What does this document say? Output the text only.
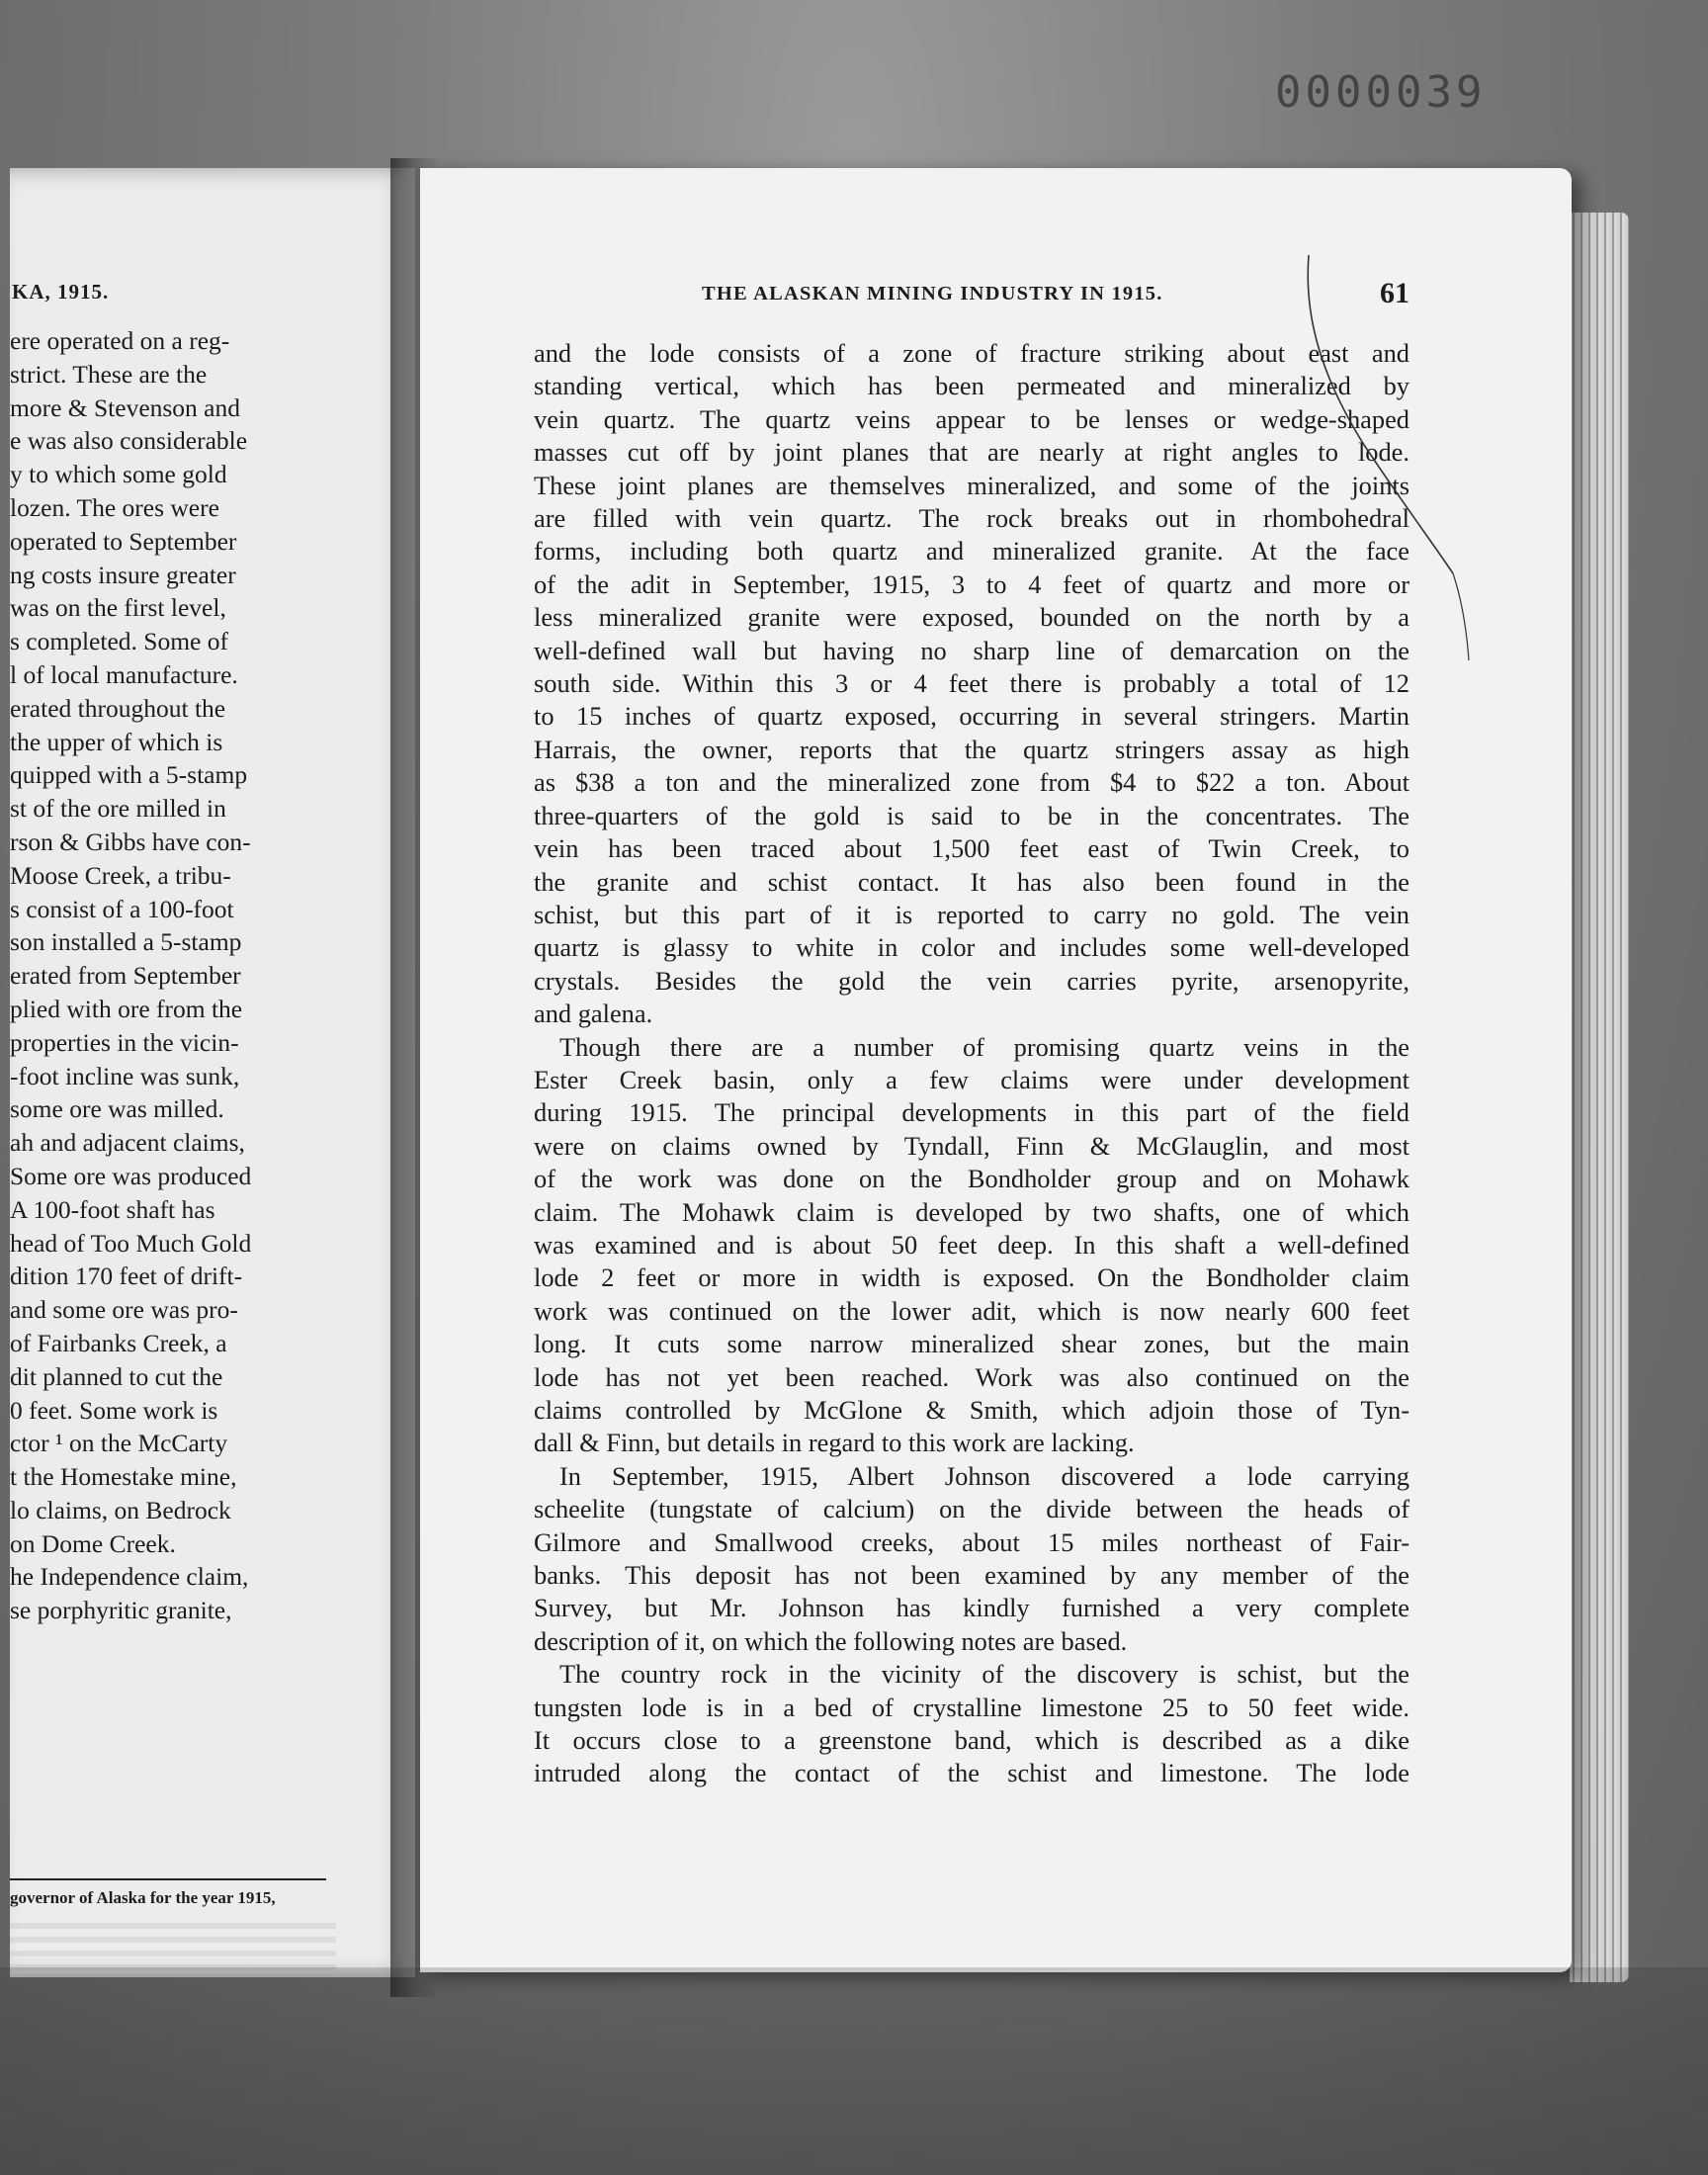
0000039
KA, 1915.
ere operated on a reg-
strict. These are the
more & Stevenson and
e was also considerable
y to which some gold
lozen. The ores were
operated to September
ng costs insure greater
was on the first level,
s completed. Some of
l of local manufacture.
erated throughout the
the upper of which is
quipped with a 5-stamp
st of the ore milled in
rson & Gibbs have con-
Moose Creek, a tribu-
s consist of a 100-foot
son installed a 5-stamp
erated from September
plied with ore from the
properties in the vicin-
-foot incline was sunk,
some ore was milled.
ah and adjacent claims,
Some ore was produced
A 100-foot shaft has
head of Too Much Gold
dition 170 feet of drift-
and some ore was pro-
of Fairbanks Creek, a
dit planned to cut the
0 feet. Some work is
ctor ¹ on the McCarty
t the Homestake mine,
lo claims, on Bedrock
on Dome Creek.
he Independence claim,
se porphyritic granite,
governor of Alaska for the year 1915,
THE ALASKAN MINING INDUSTRY IN 1915.	61
and the lode consists of a zone of fracture striking about east and
standing vertical, which has been permeated and mineralized by
vein quartz. The quartz veins appear to be lenses or wedge-shaped
masses cut off by joint planes that are nearly at right angles to lode.
These joint planes are themselves mineralized, and some of the joints
are filled with vein quartz. The rock breaks out in rhombohedral
forms, including both quartz and mineralized granite. At the face
of the adit in September, 1915, 3 to 4 feet of quartz and more or
less mineralized granite were exposed, bounded on the north by a
well-defined wall but having no sharp line of demarcation on the
south side. Within this 3 or 4 feet there is probably a total of 12
to 15 inches of quartz exposed, occurring in several stringers. Martin
Harrais, the owner, reports that the quartz stringers assay as high
as $38 a ton and the mineralized zone from $4 to $22 a ton. About
three-quarters of the gold is said to be in the concentrates. The
vein has been traced about 1,500 feet east of Twin Creek, to
the granite and schist contact. It has also been found in the
schist, but this part of it is reported to carry no gold. The vein
quartz is glassy to white in color and includes some well-developed
crystals. Besides the gold the vein carries pyrite, arsenopyrite,
and galena.
Though there are a number of promising quartz veins in the
Ester Creek basin, only a few claims were under development
during 1915. The principal developments in this part of the field
were on claims owned by Tyndall, Finn & McGlauglin, and most
of the work was done on the Bondholder group and on Mohawk
claim. The Mohawk claim is developed by two shafts, one of which
was examined and is about 50 feet deep. In this shaft a well-defined
lode 2 feet or more in width is exposed. On the Bondholder claim
work was continued on the lower adit, which is now nearly 600 feet
long. It cuts some narrow mineralized shear zones, but the main
lode has not yet been reached. Work was also continued on the
claims controlled by McGlone & Smith, which adjoin those of Tyn-
dall & Finn, but details in regard to this work are lacking.
In September, 1915, Albert Johnson discovered a lode carrying
scheelite (tungstate of calcium) on the divide between the heads of
Gilmore and Smallwood creeks, about 15 miles northeast of Fair-
banks. This deposit has not been examined by any member of the
Survey, but Mr. Johnson has kindly furnished a very complete
description of it, on which the following notes are based.
The country rock in the vicinity of the discovery is schist, but the
tungsten lode is in a bed of crystalline limestone 25 to 50 feet wide.
It occurs close to a greenstone band, which is described as a dike
intruded along the contact of the schist and limestone. The lode
